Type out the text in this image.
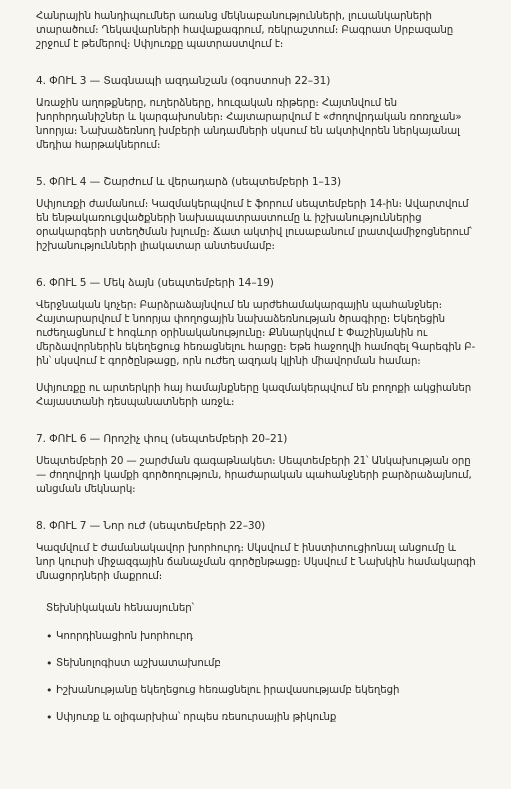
Հանրային հանդիպումներ առանց մեկնաբանությունների, լուսանկարների տարածում։ Ղեկավարների հավաքագրում, ռեկրաշտում։ Բագրատ Սրբազանը շրջում է թեմերով։ Սփյուռքը պատրաստվում է։

4. ՓՈՒԼ 3 — Տագնապի ազդանշան (օգոստոսի 22–31)

Առաջին աղոթքները, ուղերձները, հուզական ռիթերը։ Հայտնվում են խորհրդանիշներ և կարգախոսներ։ Հայտարարվում է «ժողովրդական ռոռղչան» նոորյա։ Նախաձեռնող խմբերի անդամների սկսում են ակտիվորեն ներկայանալ մեդիա հարթակներում։

5. ՓՈՒԼ 4 — Շարժում և վերադարձ (սեպտեմբերի 1–13)

Սփյուռքի ժամանում։ Կազմակերպվում է ֆորում սեպտեմբերի 14-ին։ Ավարտվում են ենթակառուցվածքների նախապատրաստումը և իշխանություններից օրակարգերի ստեղծման խլումը։ Ճատ ակտիվ լուսաբանում լրատվամիջոցներում՝ իշխանությունների լիակատար անտեսմամբ։

6. ՓՈՒԼ 5 — Մեկ ձայն (սեպտեմբերի 14–19)

Վերջնական կոչեր։ Բարձրաձայնվում են արժեհամակարգային պահանջներ։ Հայտարարվում է նոորյա փողոցային նախաձեռնության ծրագիրը։ Եկեղեցին ուժեղացնում է հոգևոր օրինականությունը։ Քննարկվում է Փաշինյանին ու մերձավորներին եկեղեցուց հեռացնելու հարցը։ Եթե հաջողվի համոզել Գարեգին Բ-ին՝ սկսվում է գործընթացը, որն ուժեղ ազդակ կլինի միավորման համար։

Սփյուռքը ու արտերկրի հայ համայնքները կազմակերպվում են բողոքի ակցիաներ Հայաստանի դեսպանատների առջև։

7. ՓՈՒԼ 6 — Որոշիչ փուլ (սեպտեմբերի 20–21)

Սեպտեմբերի 20 — շարժման գագաթնակետ։ Սեպտեմբերի 21՝ Անկախության օրը — ժողովրդի կամքի գործողություն, հրաժարական պահանջների բարձրաձայնում, անցման մեկնարկ։

8. ՓՈՒԼ 7 — Նոր ուժ (սեպտեմբերի 22–30)

Կազմվում է ժամանակավոր խորհուրդ։ Սկսվում է ինստիտուցիոնալ անցումը և նոր կուրսի միջազգային ճանաչման գործընթացը։ Սկսվում է Նախկին համակարգի մնացորդների մաքրում։

Տեխնիկական հենասյուներ՝

• Կոորդինացիոն խորհուրդ
• Տեխնոլոգիստ աշխատախումբ
• Իշխանությանը եկեղեցուց հեռացնելու իրավասությամբ եկեղեցի
• Սփյուռք և օլիգարխիա՝ որպես ռեսուրսային թիկունք
